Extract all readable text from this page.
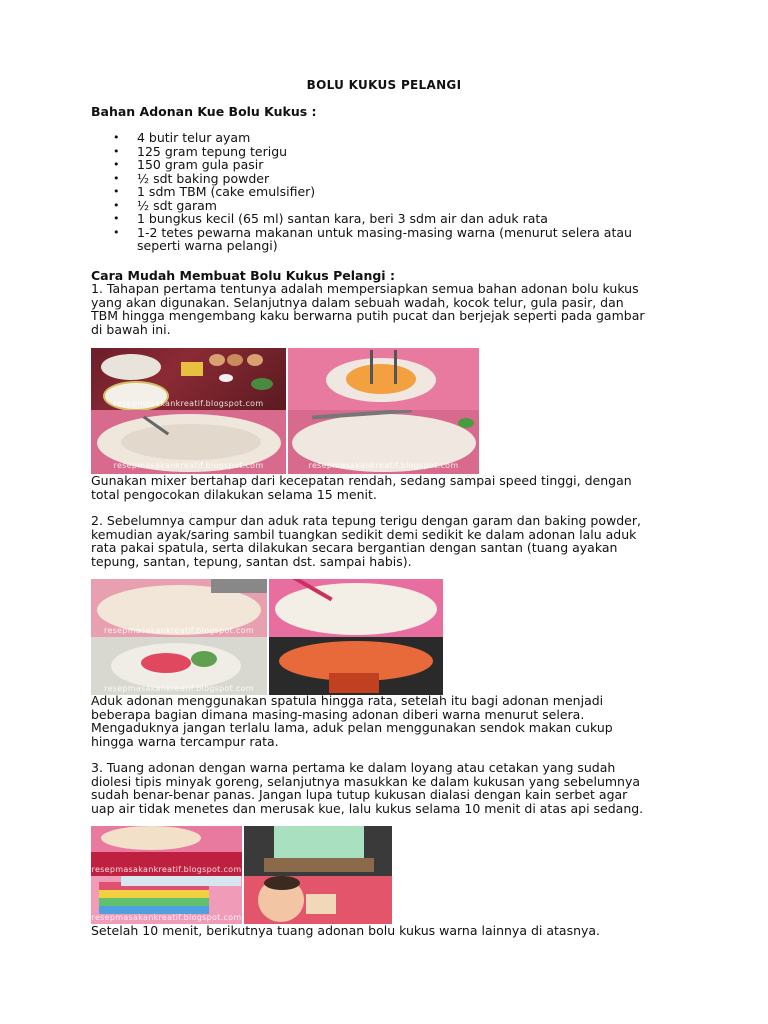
BOLU KUKUS PELANGI
Bahan Adonan Kue Bolu Kukus :
• 4 butir telur ayam
• 125 gram tepung terigu
• 150 gram gula pasir
• ½ sdt baking powder
• 1 sdm TBM (cake emulsifier)
• ½ sdt garam
• 1 bungkus kecil (65 ml) santan kara, beri 3 sdm air dan aduk rata
• 1-2 tetes pewarna makanan untuk masing-masing warna (menurut selera atau
seperti warna pelangi)
Cara Mudah Membuat Bolu Kukus Pelangi :
1. Tahapan pertama tentunya adalah mempersiapkan semua bahan adonan bolu kukus
yang akan digunakan. Selanjutnya dalam sebuah wadah, kocok telur, gula pasir, dan
TBM hingga mengembang kaku berwarna putih pucat dan berjejak seperti pada gambar
di bawah ini.
resepmasakankreatif.blogspot.com
resepmasakankreatif.blogspot.com	resepmasakankreatif.blogspot.com
Gunakan mixer bertahap dari kecepatan rendah, sedang sampai speed tinggi, dengan
total pengocokan dilakukan selama 15 menit.
2. Sebelumnya campur dan aduk rata tepung terigu dengan garam dan baking powder,
kemudian ayak/saring sambil tuangkan sedikit demi sedikit ke dalam adonan lalu aduk
rata pakai spatula, serta dilakukan secara bergantian dengan santan (tuang ayakan
tepung, santan, tepung, santan dst. sampai habis).
resepmasakankreatif.blogspot.com
resepmasakankreatif.blogspot.com
Aduk adonan menggunakan spatula hingga rata, setelah itu bagi adonan menjadi
beberapa bagian dimana masing-masing adonan diberi warna menurut selera.
Mengaduknya jangan terlalu lama, aduk pelan menggunakan sendok makan cukup
hingga warna tercampur rata.
3. Tuang adonan dengan warna pertama ke dalam loyang atau cetakan yang sudah
diolesi tipis minyak goreng, selanjutnya masukkan ke dalam kukusan yang sebelumnya
sudah benar-benar panas. Jangan lupa tutup kukusan dialasi dengan kain serbet agar
uap air tidak menetes dan merusak kue, lalu kukus selama 10 menit di atas api sedang.
resepmasakankreatif.blogspot.com
resepmasakankreatif.blogspot.com
Setelah 10 menit, berikutnya tuang adonan bolu kukus warna lainnya di atasnya.
